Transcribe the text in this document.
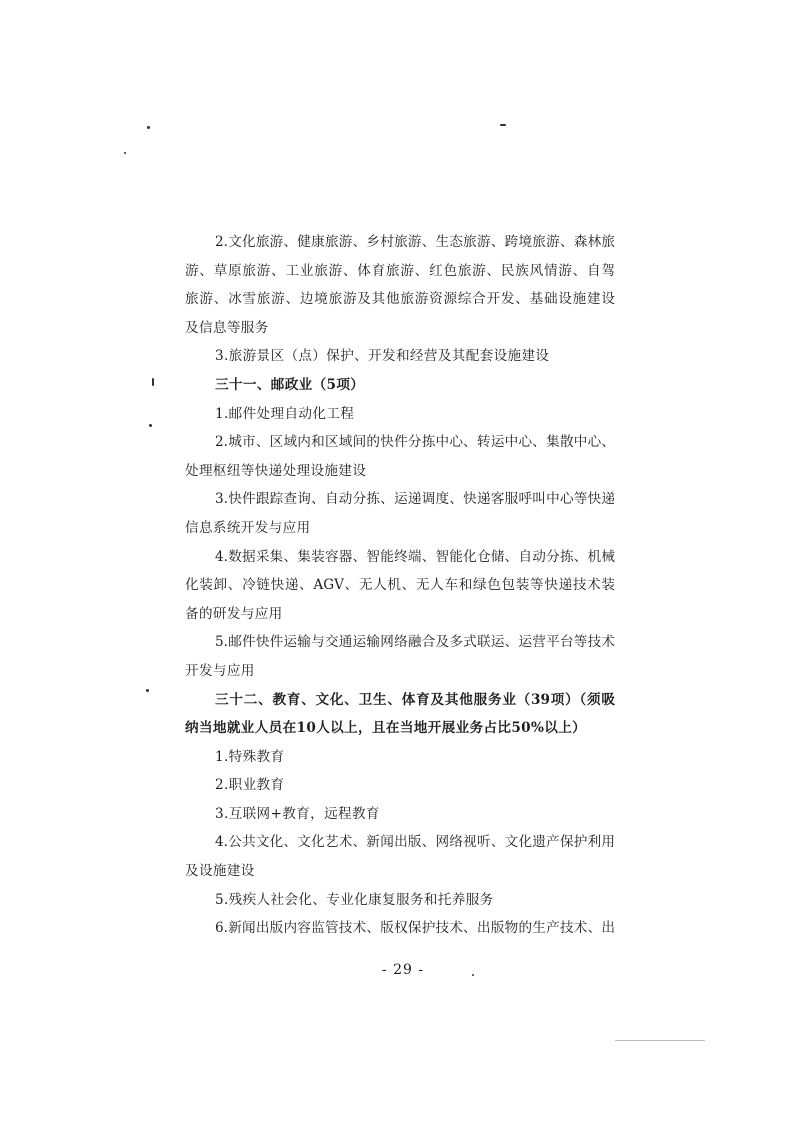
2.文化旅游、健康旅游、乡村旅游、生态旅游、跨境旅游、森林旅
游、草原旅游、工业旅游、体育旅游、红色旅游、民族风情游、自驾
旅游、冰雪旅游、边境旅游及其他旅游资源综合开发、基础设施建设
及信息等服务
3.旅游景区（点）保护、开发和经营及其配套设施建设
三十一、邮政业（5项）
1.邮件处理自动化工程
2.城市、区域内和区域间的快件分拣中心、转运中心、集散中心、
处理枢纽等快递处理设施建设
3.快件跟踪查询、自动分拣、运递调度、快递客服呼叫中心等快递
信息系统开发与应用
4.数据采集、集装容器、智能终端、智能化仓储、自动分拣、机械
化装卸、冷链快递、AGV、无人机、无人车和绿色包装等快递技术装
备的研发与应用
5.邮件快件运输与交通运输网络融合及多式联运、运营平台等技术
开发与应用
三十二、教育、文化、卫生、体育及其他服务业（39项）（须吸
纳当地就业人员在10人以上，且在当地开展业务占比50%以上）
1.特殊教育
2.职业教育
3.互联网+教育，远程教育
4.公共文化、文化艺术、新闻出版、网络视听、文化遗产保护利用
及设施建设
5.残疾人社会化、专业化康复服务和托养服务
6.新闻出版内容监管技术、版权保护技术、出版物的生产技术、出
- 29 -
